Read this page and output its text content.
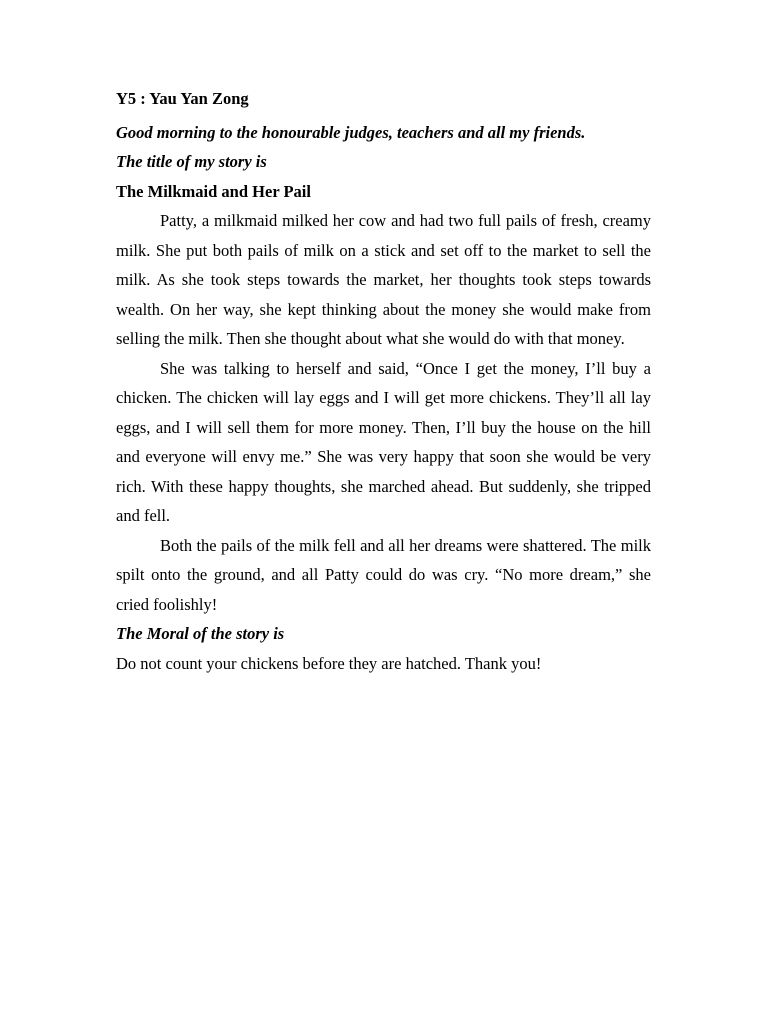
Y5 : Yau Yan Zong

Good morning to the honourable judges, teachers and all my friends.

The title of my story is

The Milkmaid and Her Pail

Patty, a milkmaid milked her cow and had two full pails of fresh, creamy milk. She put both pails of milk on a stick and set off to the market to sell the milk. As she took steps towards the market, her thoughts took steps towards wealth. On her way, she kept thinking about the money she would make from selling the milk. Then she thought about what she would do with that money.

She was talking to herself and said, “Once I get the money, I’ll buy a chicken. The chicken will lay eggs and I will get more chickens. They’ll all lay eggs, and I will sell them for more money. Then, I’ll buy the house on the hill and everyone will envy me.” She was very happy that soon she would be very rich. With these happy thoughts, she marched ahead. But suddenly, she tripped and fell.

Both the pails of the milk fell and all her dreams were shattered. The milk spilt onto the ground, and all Patty could do was cry. “No more dream,” she cried foolishly!

The Moral of the story is

Do not count your chickens before they are hatched. Thank you!
